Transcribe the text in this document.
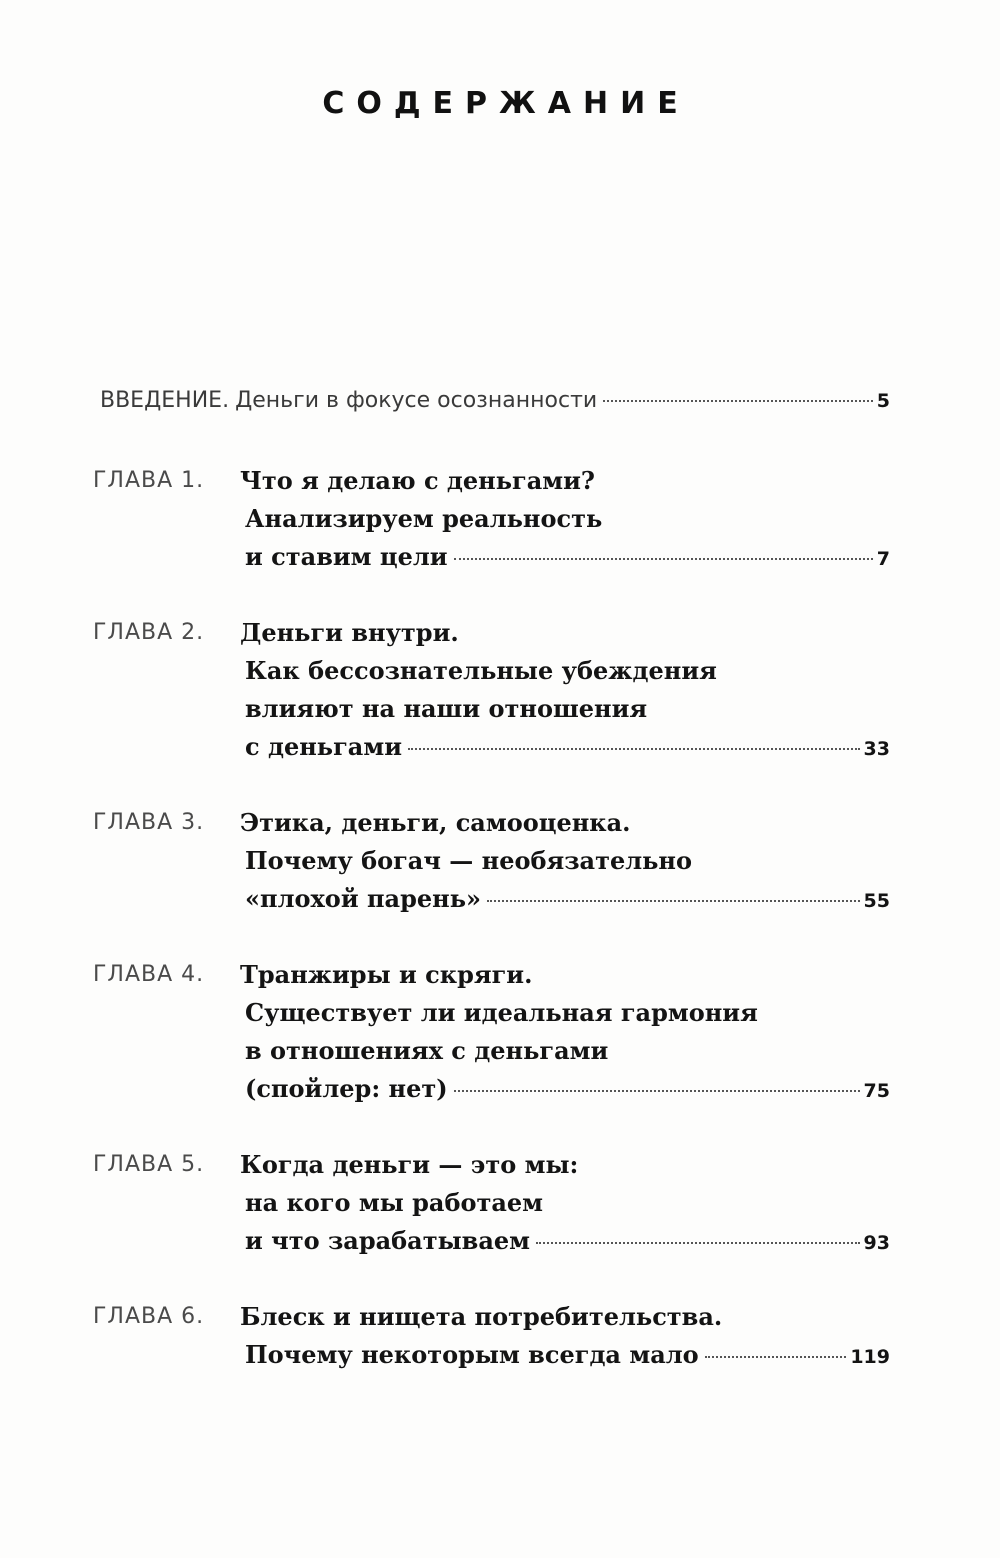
СОДЕРЖАНИЕ
ВВЕДЕНИЕ. Деньги в фокусе осознанности	5
ГЛАВА 1. Что я делаю с деньгами?
Анализируем реальность
и ставим цели	7
ГЛАВА 2. Деньги внутри.
Как бессознательные убеждения
влияют на наши отношения
с деньгами	33
ГЛАВА 3. Этика, деньги, самооценка.
Почему богач — необязательно
«плохой парень»	55
ГЛАВА 4. Транжиры и скряги.
Существует ли идеальная гармония
в отношениях с деньгами
(спойлер: нет)	75
ГЛАВА 5. Когда деньги — это мы:
на кого мы работаем
и что зарабатываем	93
ГЛАВА 6. Блеск и нищета потребительства.
Почему некоторым всегда мало	119
